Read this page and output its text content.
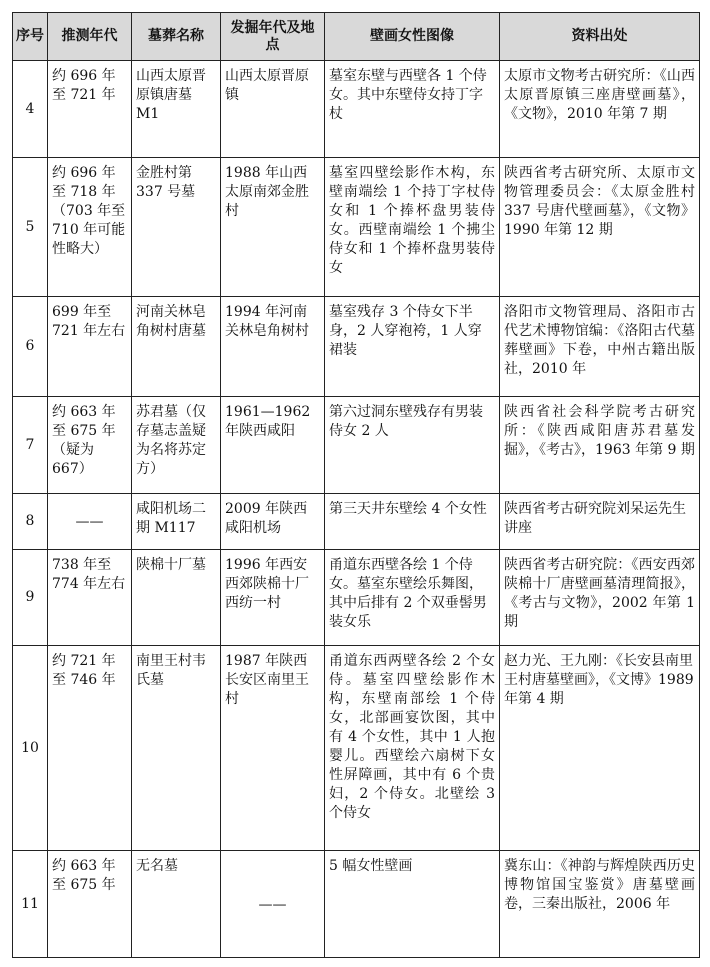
序号	推测年代	墓葬名称	发掘年代及地点	壁画女性图像	资料出处
4	约 696 年至 721 年	山西太原晋原镇唐墓 M1	山西太原晋原镇	墓室东壁与西壁各 1 个侍女。其中东壁侍女持丁字杖	太原市文物考古研究所：《山西太原晋原镇三座唐壁画墓》，《文物》，2010 年第 7 期
5	约 696 年至 718 年（703 年至 710 年可能性略大）	金胜村第 337 号墓	1988 年山西太原南郊金胜村	墓室四壁绘影作木构，东壁南端绘 1 个持丁字杖侍女和 1 个捧杯盘男装侍女。西壁南端绘 1 个拂尘侍女和 1 个捧杯盘男装侍女	陕西省考古研究所、太原市文物管理委员会：《太原金胜村 337 号唐代壁画墓》，《文物》1990 年第 12 期
6	699 年至 721 年左右	河南关林皂角树村唐墓	1994 年河南关林皂角树村	墓室残存 3 个侍女下半身，2 人穿袍袴，1 人穿裙装	洛阳市文物管理局、洛阳市古代艺术博物馆编：《洛阳古代墓葬壁画》下卷，中州古籍出版社，2010 年
7	约 663 年至 675 年（疑为 667）	苏君墓（仅存墓志盖疑为名将苏定方）	1961—1962 年陕西咸阳	第六过洞东壁残存有男装侍女 2 人	陕西省社会科学院考古研究所：《陕西咸阳唐苏君墓发掘》，《考古》，1963 年第 9 期
8	——	咸阳机场二期 M117	2009 年陕西咸阳机场	第三天井东壁绘 4 个女性	陕西省考古研究院刘呆运先生讲座
9	738 年至 774 年左右	陕棉十厂墓	1996 年西安西郊陕棉十厂西纺一村	甬道东西壁各绘 1 个侍女。墓室东壁绘乐舞图，其中后排有 2 个双垂髻男装女乐	陕西省考古研究院：《西安西郊陕棉十厂唐壁画墓清理简报》，《考古与文物》，2002 年第 1 期
10	约 721 年至 746 年	南里王村韦氏墓	1987 年陕西长安区南里王村	甬道东西两壁各绘 2 个女侍。墓室四壁绘影作木构，东壁南部绘 1 个侍女，北部画宴饮图，其中有 4 个女性，其中 1 人抱婴儿。西壁绘六扇树下女性屏障画，其中有 6 个贵妇，2 个侍女。北壁绘 3 个侍女	赵力光、王九刚：《长安县南里王村唐墓壁画》，《文博》1989 年第 4 期
11	约 663 年至 675 年	无名墓	——	5 幅女性壁画	冀东山：《神韵与辉煌陕西历史博物馆国宝鉴赏》唐墓壁画卷，三秦出版社，2006 年
